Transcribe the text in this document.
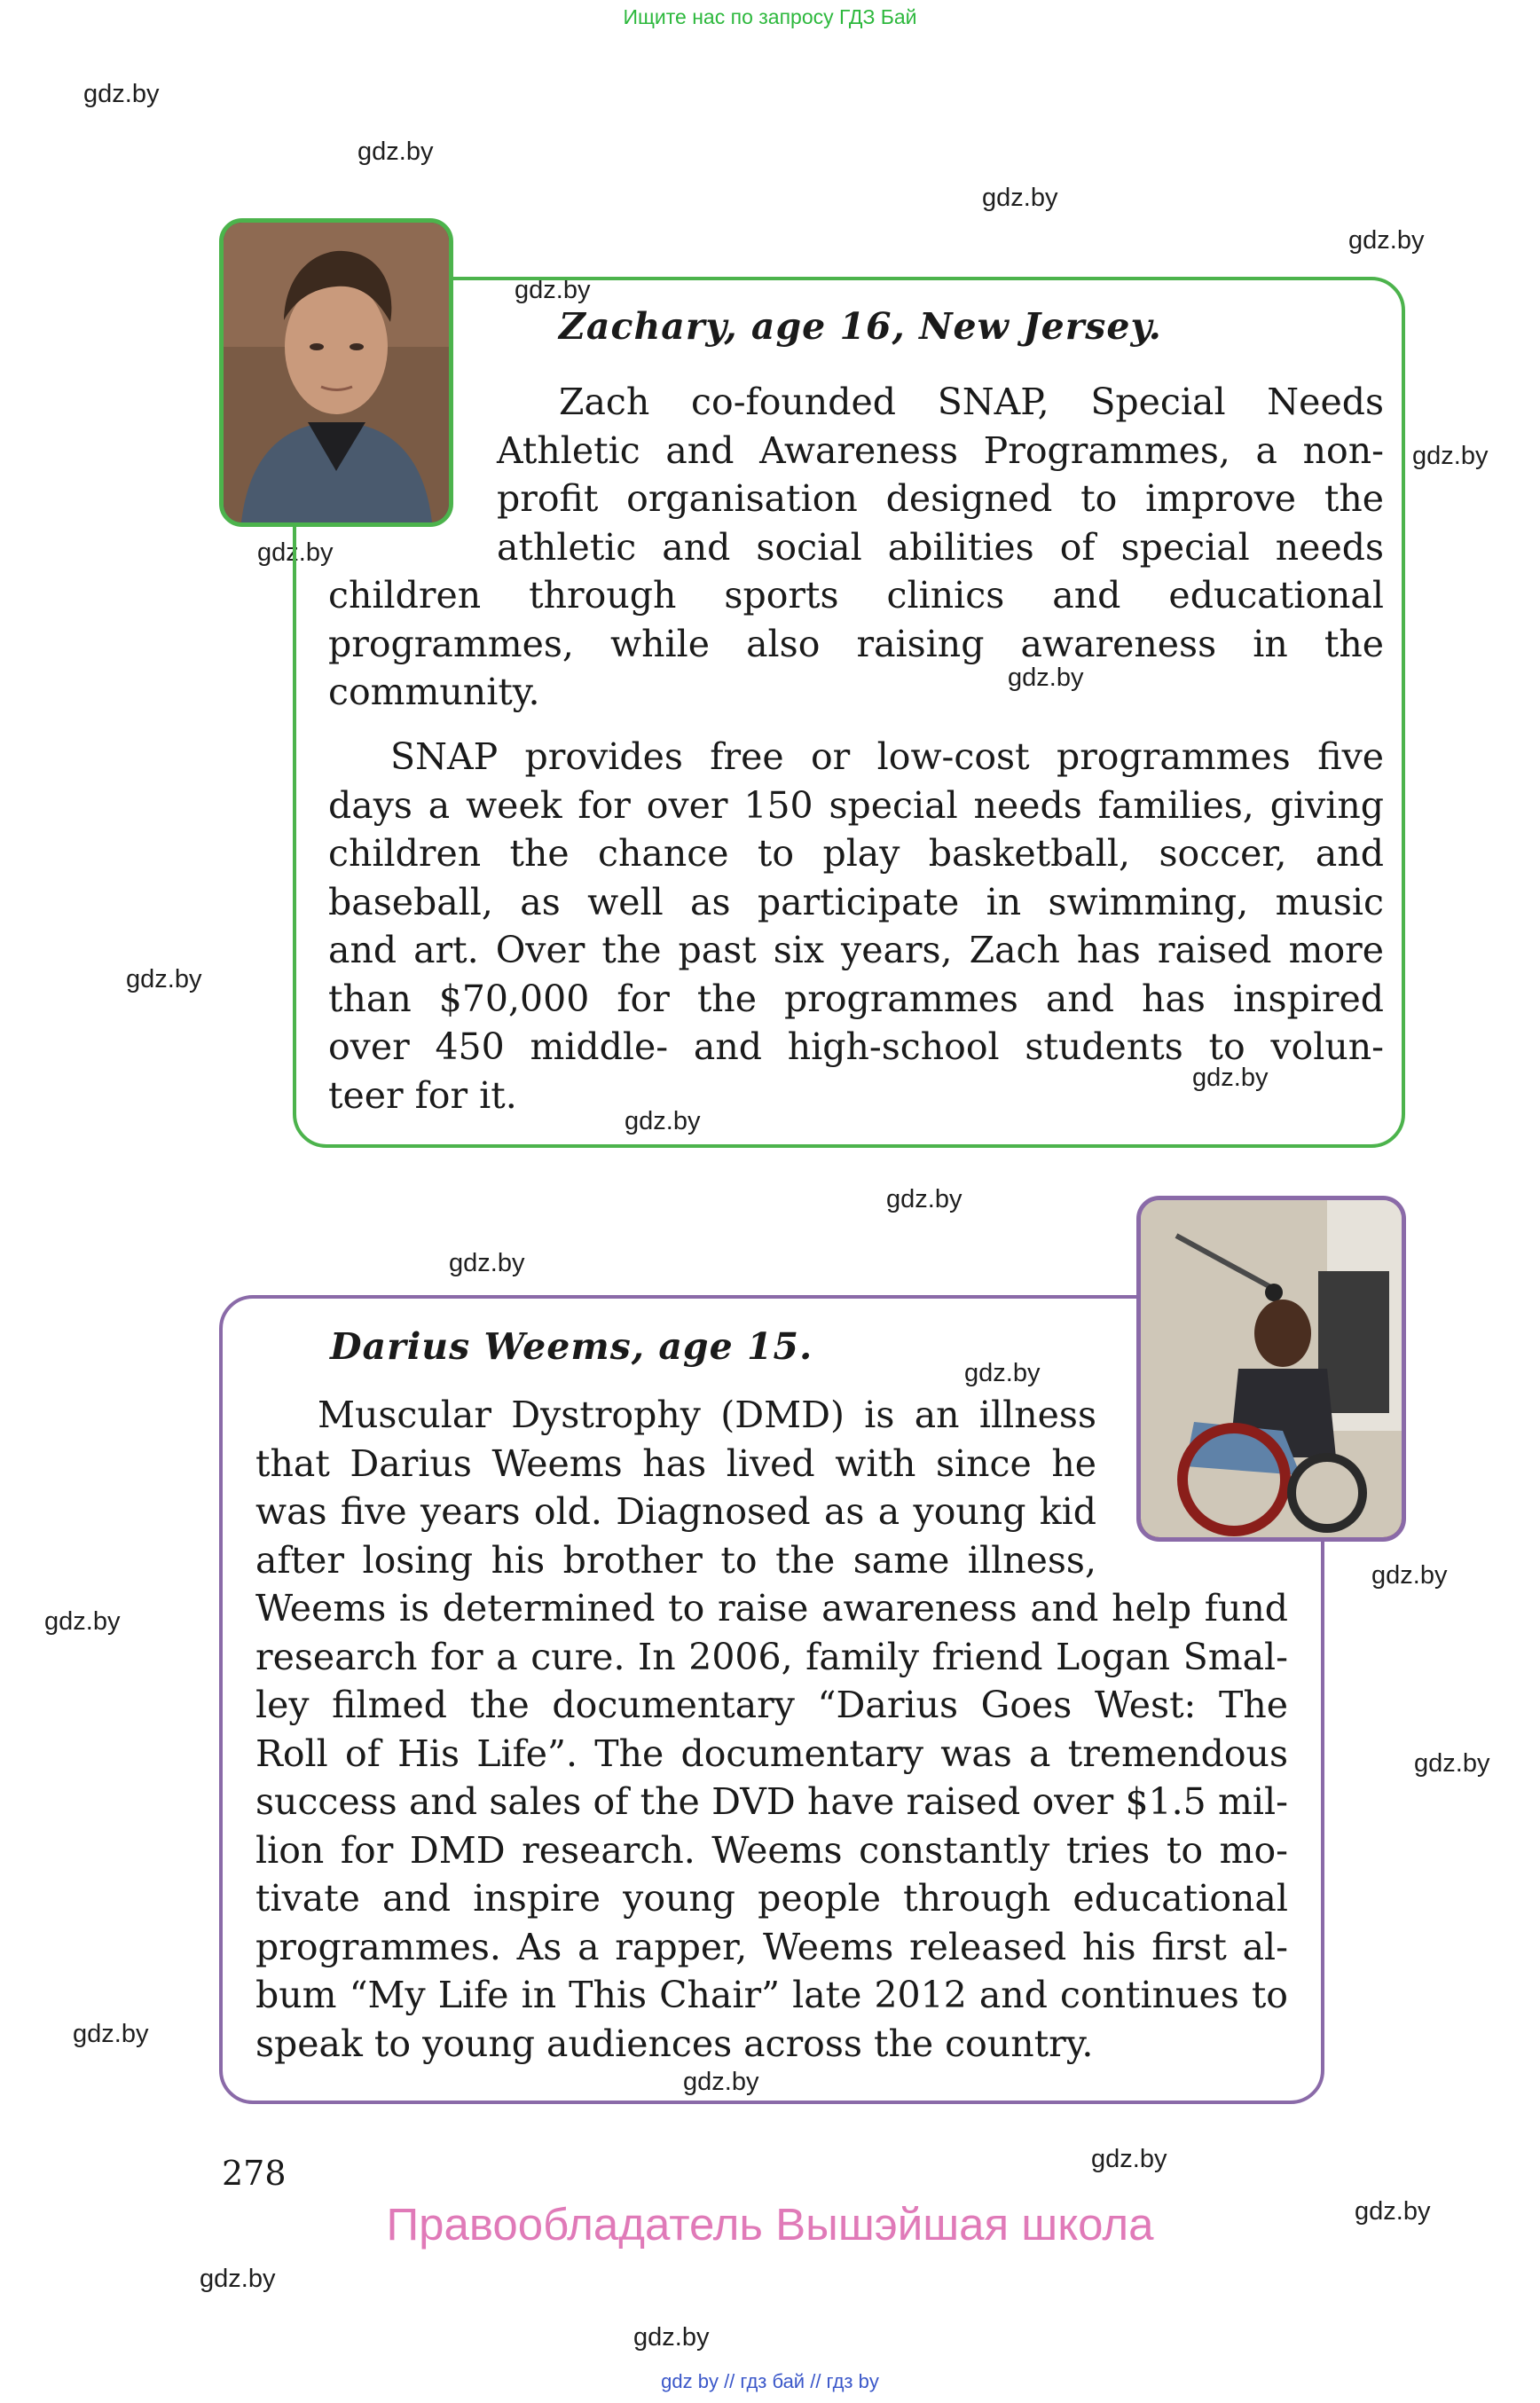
Ищите нас по запросу ГДЗ Бай
gdz.by
gdz.by
gdz.by
gdz.by
gdz.by
gdz.by
gdz.by
gdz.by
gdz.by
gdz.by
gdz.by
gdz.by
gdz.by
gdz.by
gdz.by
gdz.by
gdz.by
gdz.by
gdz.by
gdz.by
gdz.by
gdz.by
gdz.by
Zachary, age 16, New Jersey.
Zach co-founded SNAP, Special Needs
Athletic and Awareness Programmes, a non-
profit organisation designed to improve the
athletic and social abilities of special needs
children through sports clinics and educational
programmes, while also raising awareness in the
community.
SNAP provides free or low-cost programmes five
days a week for over 150 special needs families, giving
children the chance to play basketball, soccer, and
baseball, as well as participate in swimming, music
and art. Over the past six years, Zach has raised more
than $70,000 for the programmes and has inspired
over 450 middle- and high-school students to volun-
teer for it.
Darius Weems, age 15.
Muscular Dystrophy (DMD) is an illness
that Darius Weems has lived with since he
was five years old. Diagnosed as a young kid
after losing his brother to the same illness,
Weems is determined to raise awareness and help fund
research for a cure. In 2006, family friend Logan Smal-
ley filmed the documentary “Darius Goes West: The
Roll of His Life”. The documentary was a tremendous
success and sales of the DVD have raised over $1.5 mil-
lion for DMD research. Weems constantly tries to mo-
tivate and inspire young people through educational
programmes. As a rapper, Weems released his first al-
bum “My Life in This Chair” late 2012 and continues to
speak to young audiences across the country.
278
Правообладатель Вышэйшая школа
gdz by // гдз бай // гдз by
